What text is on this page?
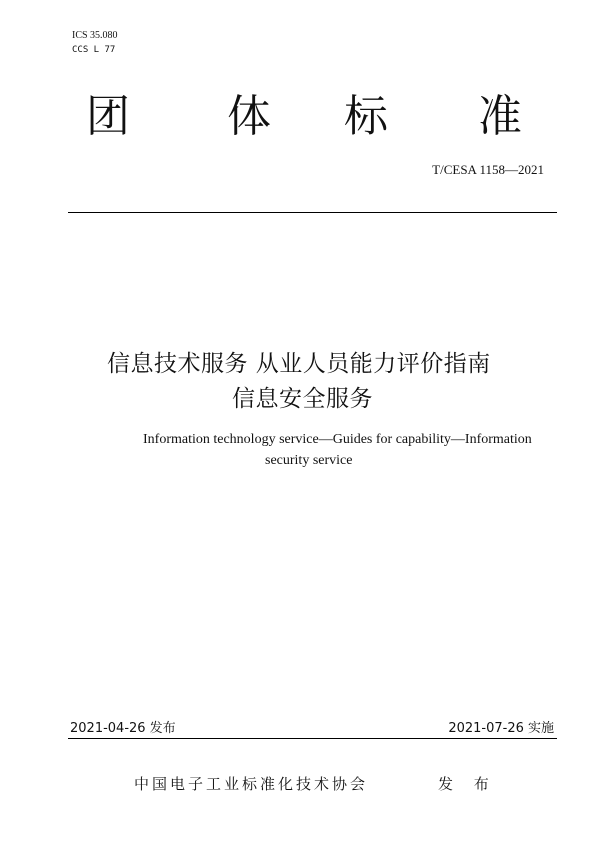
ICS 35.080
CCS L 77
团 体 标 准
T/CESA 1158—2021
信息技术服务 从业人员能力评价指南
信息安全服务
Information technology service—Guides for capability—Information
security service
2021-04-26 发布	2021-07-26 实施
中国电子工业标准化技术协会	发 布
